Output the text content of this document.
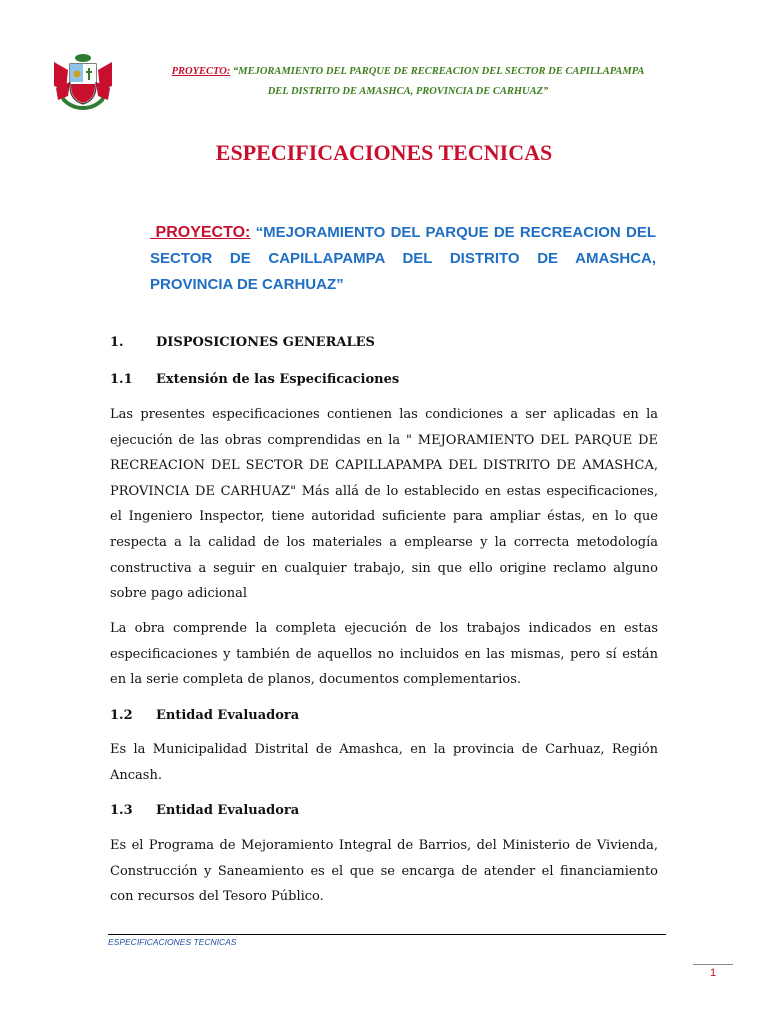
PROYECTO: “MEJORAMIENTO DEL PARQUE DE RECREACION DEL SECTOR DE CAPILLAPAMPA
DEL DISTRITO DE AMASHCA, PROVINCIA DE CARHUAZ”
ESPECIFICACIONES TECNICAS
PROYECTO: “MEJORAMIENTO DEL PARQUE DE RECREACION DEL SECTOR DE CAPILLAPAMPA DEL DISTRITO DE AMASHCA, PROVINCIA DE CARHUAZ”
1. DISPOSICIONES GENERALES
1.1 Extensión de las Especificaciones
Las presentes especificaciones contienen las condiciones a ser aplicadas en la ejecución de las obras comprendidas en la " MEJORAMIENTO DEL PARQUE DE RECREACION DEL SECTOR DE CAPILLAPAMPA DEL DISTRITO DE AMASHCA, PROVINCIA DE CARHUAZ" Más allá de lo establecido en estas especificaciones, el Ingeniero Inspector, tiene autoridad suficiente para ampliar éstas, en lo que respecta a la calidad de los materiales a emplearse y la correcta metodología constructiva a seguir en cualquier trabajo, sin que ello origine reclamo alguno sobre pago adicional
La obra comprende la completa ejecución de los trabajos indicados en estas especificaciones y también de aquellos no incluidos en las mismas, pero sí están en la serie completa de planos, documentos complementarios.
1.2 Entidad Evaluadora
Es la Municipalidad Distrital de Amashca, en la provincia de Carhuaz, Región Ancash.
1.3 Entidad Evaluadora
Es el Programa de Mejoramiento Integral de Barrios, del Ministerio de Vivienda, Construcción y Saneamiento es el que se encarga de atender el financiamiento con recursos del Tesoro Público.
ESPECIFICACIONES TECNICAS
1
